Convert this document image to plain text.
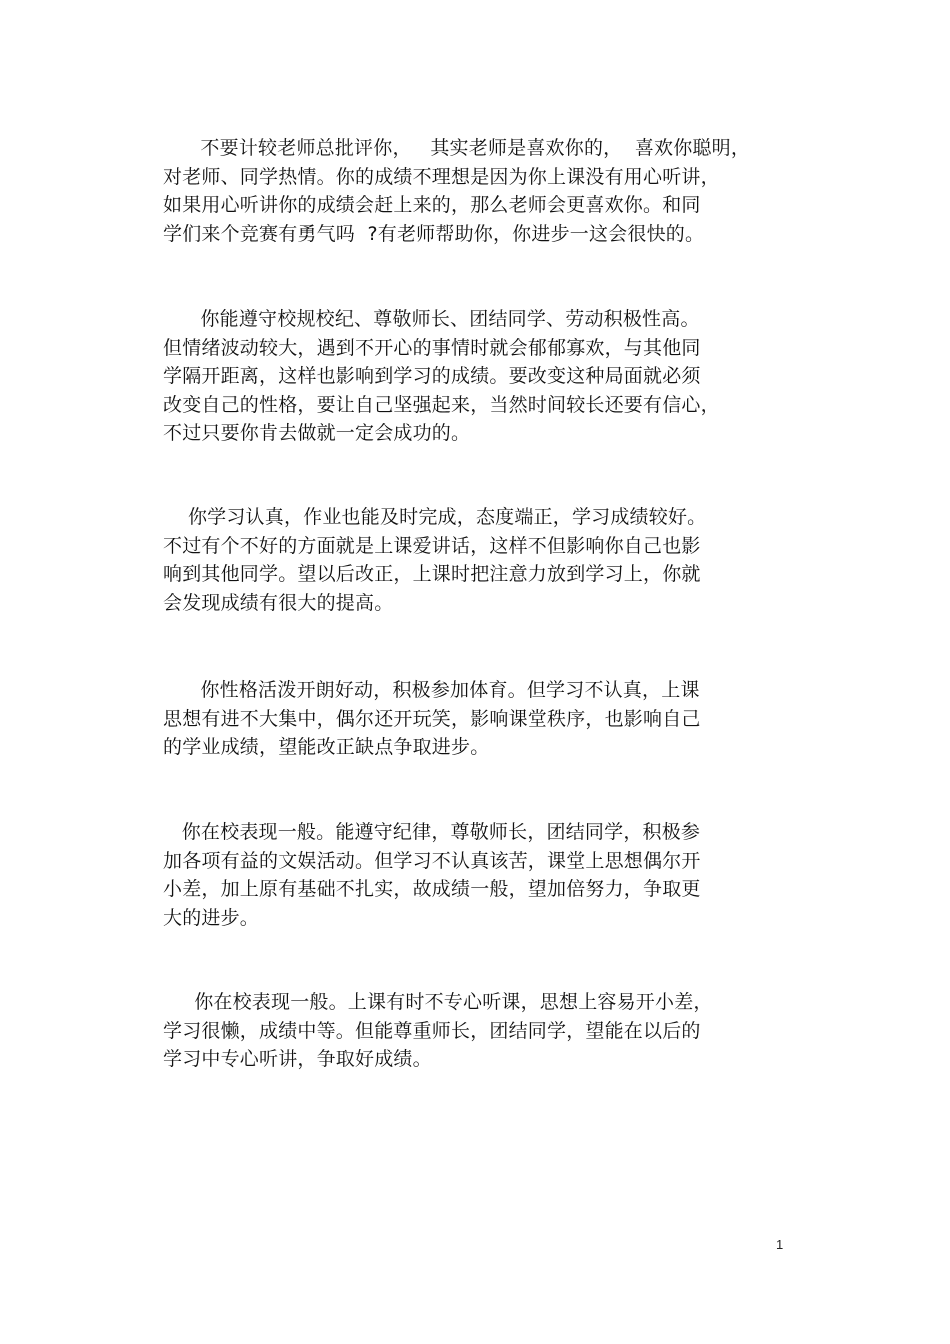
不要计较老师总批评你，   其实老师是喜欢你的，  喜欢你聪明，
对老师、同学热情。你的成绩不理想是因为你上课没有用心听讲，
如果用心听讲你的成绩会赶上来的，那么老师会更喜欢你。和同
学们来个竞赛有勇气吗  ?有老师帮助你，你进步一这会很快的。
你能遵守校规校纪、尊敬师长、团结同学、劳动积极性高。
但情绪波动较大，遇到不开心的事情时就会郁郁寡欢，与其他同
学隔开距离，这样也影响到学习的成绩。要改变这种局面就必须
改变自己的性格，要让自己坚强起来，当然时间较长还要有信心，
不过只要你肯去做就一定会成功的。
你学习认真，作业也能及时完成，态度端正，学习成绩较好。
不过有个不好的方面就是上课爱讲话，这样不但影响你自己也影
响到其他同学。望以后改正，上课时把注意力放到学习上，你就
会发现成绩有很大的提高。
你性格活泼开朗好动，积极参加体育。但学习不认真，上课
思想有进不大集中，偶尔还开玩笑，影响课堂秩序，也影响自己
的学业成绩，望能改正缺点争取进步。
你在校表现一般。能遵守纪律，尊敬师长，团结同学，积极参
加各项有益的文娱活动。但学习不认真该苦，课堂上思想偶尔开
小差，加上原有基础不扎实，故成绩一般，望加倍努力，争取更
大的进步。
你在校表现一般。上课有时不专心听课，思想上容易开小差，
学习很懒，成绩中等。但能尊重师长，团结同学，望能在以后的
学习中专心听讲，争取好成绩。
1
